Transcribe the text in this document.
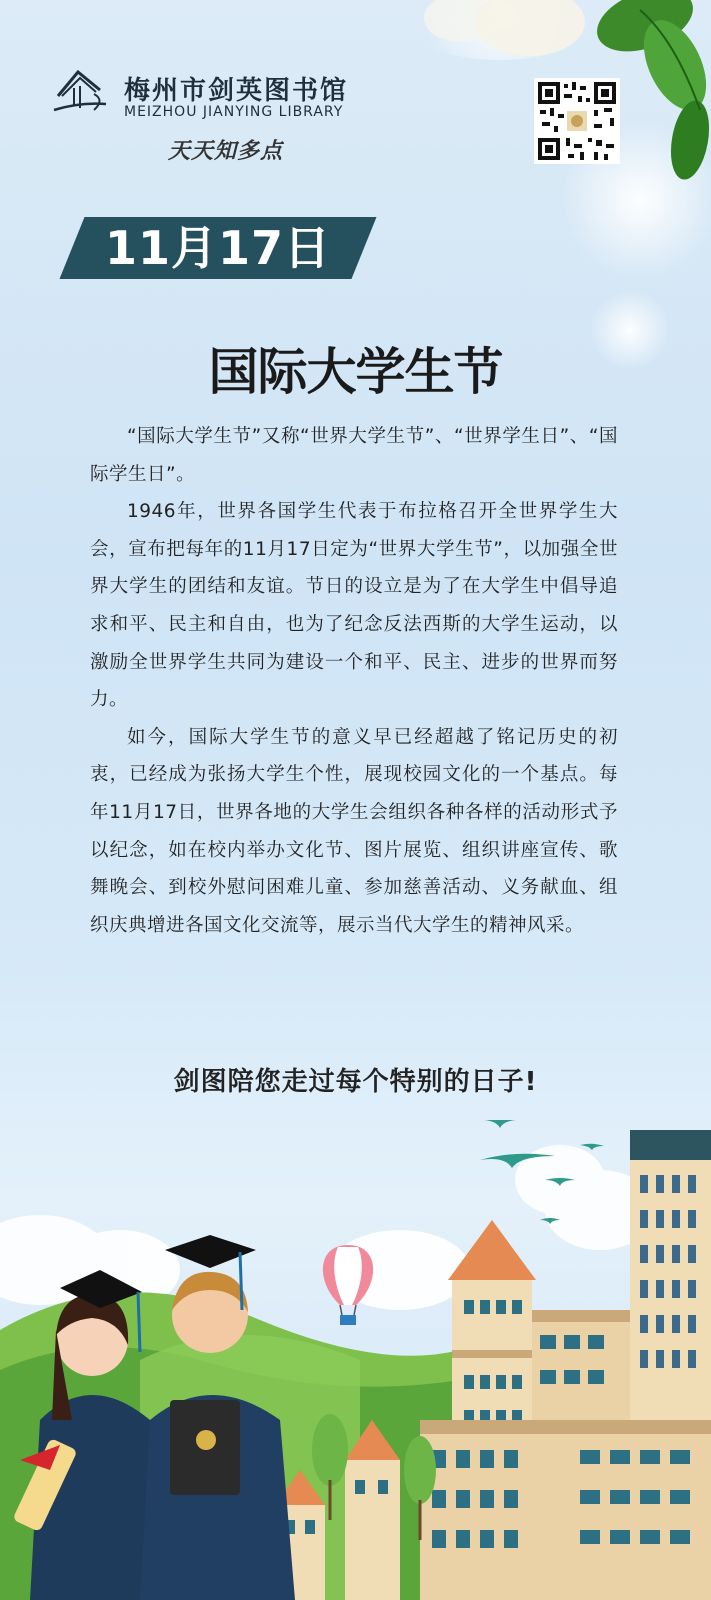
梅州市剑英图书馆
MEIZHOU JIANYING LIBRARY
天天知多点
11月17日
国际大学生节

“国际大学生节”又称“世界大学生节”、“世界学生日”、“国际学生日”。

1946年，世界各国学生代表于布拉格召开全世界学生大会，宣布把每年的11月17日定为“世界大学生节”，以加强全世界大学生的团结和友谊。节日的设立是为了在大学生中倡导追求和平、民主和自由，也为了纪念反法西斯的大学生运动，以激励全世界学生共同为建设一个和平、民主、进步的世界而努力。

如今，国际大学生节的意义早已经超越了铭记历史的初衷，已经成为张扬大学生个性，展现校园文化的一个基点。每年11月17日，世界各地的大学生会组织各种各样的活动形式予以纪念，如在校内举办文化节、图片展览、组织讲座宣传、歌舞晚会、到校外慰问困难儿童、参加慈善活动、义务献血、组织庆典增进各国文化交流等，展示当代大学生的精神风采。

剑图陪您走过每个特别的日子!
